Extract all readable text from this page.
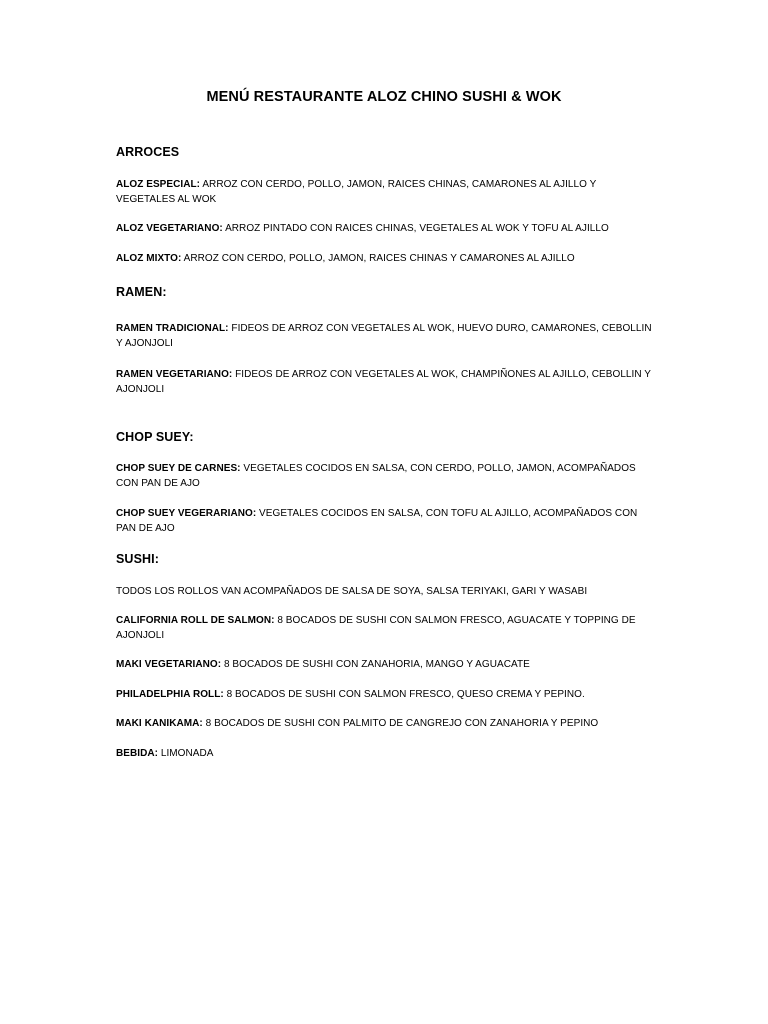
MENÚ RESTAURANTE ALOZ CHINO SUSHI & WOK
ARROCES
ALOZ ESPECIAL: ARROZ CON CERDO, POLLO, JAMON, RAICES CHINAS, CAMARONES AL AJILLO Y VEGETALES AL WOK
ALOZ VEGETARIANO: ARROZ PINTADO CON RAICES CHINAS, VEGETALES AL WOK Y TOFU AL AJILLO
ALOZ MIXTO: ARROZ CON CERDO, POLLO, JAMON, RAICES CHINAS Y CAMARONES AL AJILLO
RAMEN:
RAMEN TRADICIONAL: FIDEOS DE ARROZ CON VEGETALES AL WOK, HUEVO DURO, CAMARONES, CEBOLLIN Y AJONJOLI
RAMEN VEGETARIANO: FIDEOS DE ARROZ CON VEGETALES AL WOK, CHAMPIÑONES AL AJILLO, CEBOLLIN Y AJONJOLI
CHOP SUEY:
CHOP SUEY DE CARNES: VEGETALES COCIDOS EN SALSA, CON CERDO, POLLO, JAMON, ACOMPAÑADOS CON PAN DE AJO
CHOP SUEY VEGERARIANO: VEGETALES COCIDOS EN SALSA, CON TOFU AL AJILLO, ACOMPAÑADOS CON PAN DE AJO
SUSHI:
TODOS LOS ROLLOS VAN ACOMPAÑADOS DE SALSA DE SOYA, SALSA TERIYAKI, GARI Y WASABI
CALIFORNIA ROLL DE SALMON: 8 BOCADOS DE SUSHI CON SALMON FRESCO, AGUACATE Y TOPPING DE AJONJOLI
MAKI VEGETARIANO: 8 BOCADOS DE SUSHI CON ZANAHORIA, MANGO Y AGUACATE
PHILADELPHIA ROLL: 8 BOCADOS DE SUSHI CON SALMON FRESCO, QUESO CREMA Y PEPINO.
MAKI KANIKAMA: 8 BOCADOS DE SUSHI CON PALMITO DE CANGREJO CON ZANAHORIA Y PEPINO
BEBIDA: LIMONADA
